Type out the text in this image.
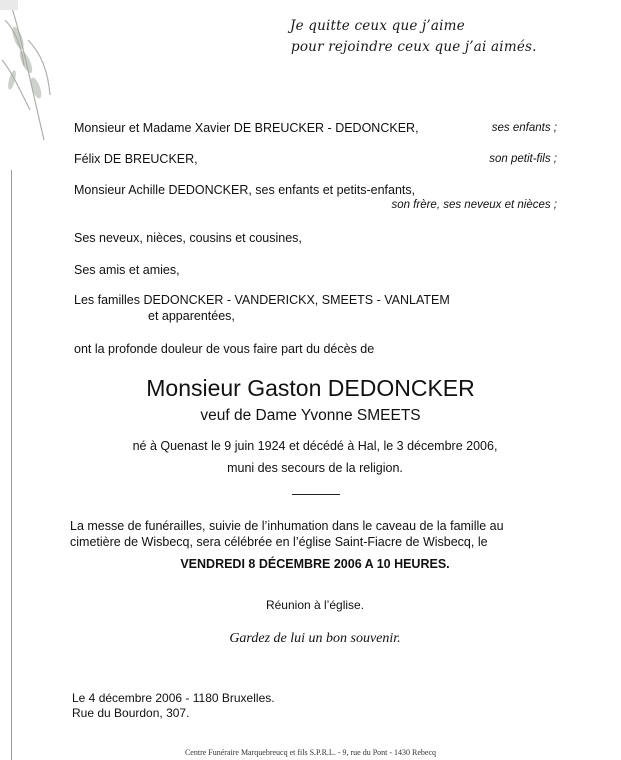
Je quitte ceux que j’aime
pour rejoindre ceux que j’ai aimés.
Monsieur et Madame Xavier DE BREUCKER - DEDONCKER,	ses enfants ;
Félix DE BREUCKER,	son petit-fils ;
Monsieur Achille DEDONCKER, ses enfants et petits-enfants,
son frère, ses neveux et nièces ;
Ses neveux, nièces, cousins et cousines,
Ses amis et amies,
Les familles DEDONCKER - VANDERICKX, SMEETS - VANLATEM
et apparentées,
ont la profonde douleur de vous faire part du décès de
Monsieur Gaston DEDONCKER
veuf de Dame Yvonne SMEETS
né à Quenast le 9 juin 1924 et décédé à Hal, le 3 décembre 2006,
muni des secours de la religion.
La messe de funérailles, suivie de l’inhumation dans le caveau de la famille au
cimetière de Wisbecq, sera célébrée en l’église Saint-Fiacre de Wisbecq, le
VENDREDI 8 DÉCEMBRE 2006 A 10 HEURES.
Réunion à l’église.
Gardez de lui un bon souvenir.
Le 4 décembre 2006 - 1180 Bruxelles.
Rue du Bourdon, 307.
Centre Funéraire Marquebreucq et fils S.P.R.L. - 9, rue du Pont - 1430 Rebecq
